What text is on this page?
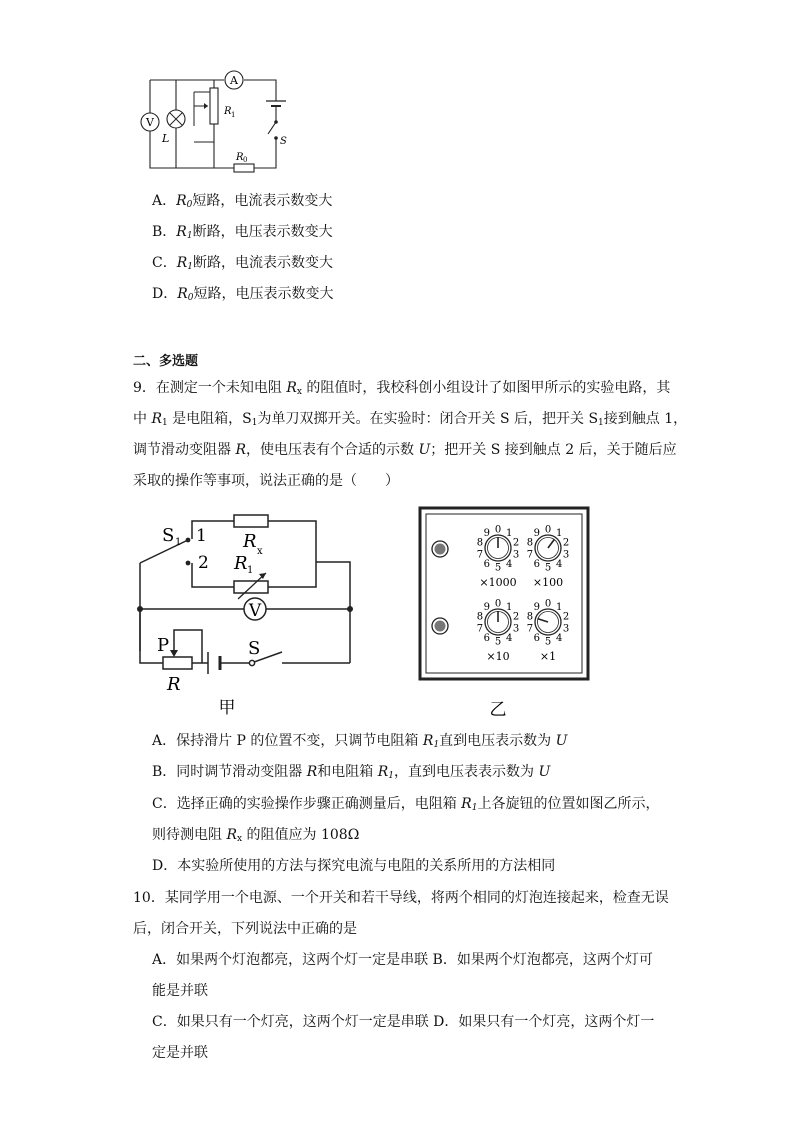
A
S
V
L
R 1
R 0
A．$R_0$短路，电流表示数变大
B．$R_1$断路，电压表示数变大
C．$R_1$断路，电流表示数变大
D．$R_0$短路，电压表示数变大
二、多选题
9．在测定一个未知电阻 $R_x$ 的阻值时，我校科创小组设计了如图甲所示的实验电路，其
中 $R_1$ 是电阻箱，$S_1$为单刀双掷开关。在实验时：闭合开关 S 后，把开关 $S_1$接到触点 1，
调节滑动变阻器 R，使电压表有个合适的示数 U；把开关 S 接到触点 2 后，关于随后应
采取的操作等事项，说法正确的是（　　）
S 1 1
2
R x
R 1
V
P
R
S
甲
0 1
2
3
4
5
6
7
8
9
×1000
0 1
2
3
4
5
6
7
8
9
×100
0 1
2
3
4
5
6
7
8
9
×10
0 1
2
3
4
5
6
7
8
9
×1
乙
A．保持滑片 P 的位置不变，只调节电阻箱 $R_1$直到电压表示数为 U
B．同时调节滑动变阻器 R和电阻箱 $R_1$，直到电压表表示数为 U
C．选择正确的实验操作步骤正确测量后，电阻箱 $R_1$上各旋钮的位置如图乙所示，
则待测电阻 $R_x$ 的阻值应为 108Ω
D．本实验所使用的方法与探究电流与电阻的关系所用的方法相同
10．某同学用一个电源、一个开关和若干导线，将两个相同的灯泡连接起来，检查无误
后，闭合开关，下列说法中正确的是
A．如果两个灯泡都亮，这两个灯一定是串联 B．如果两个灯泡都亮，这两个灯可
能是并联
C．如果只有一个灯亮，这两个灯一定是串联 D．如果只有一个灯亮，这两个灯一
定是并联
